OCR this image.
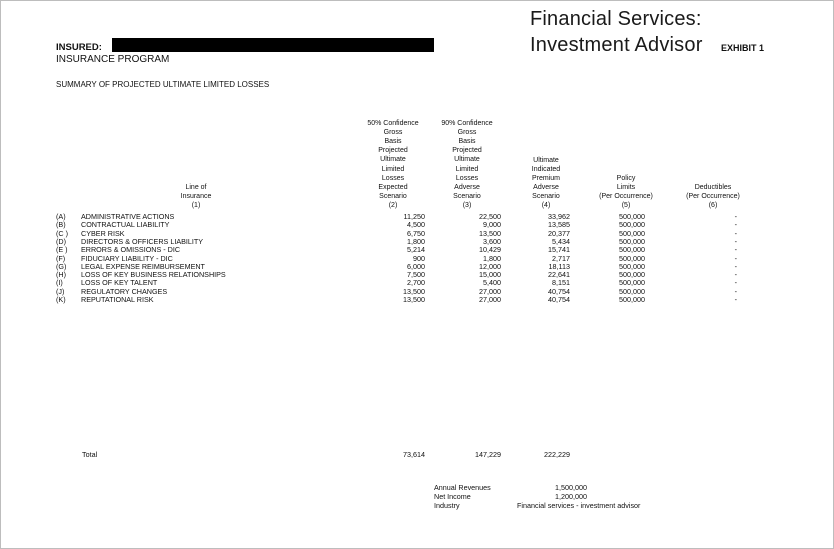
Financial Services:
Investment Advisor EXHIBIT 1
INSURED:
INSURANCE PROGRAM
SUMMARY OF PROJECTED ULTIMATE LIMITED LOSSES
Line of
Insurance
(1)
50% Confidence
Gross
Basis
Projected
Ultimate
Limited
Losses
Expected
Scenario
(2)
90% Confidence
Gross
Basis
Projected
Ultimate
Limited
Losses
Adverse
Scenario
(3)
Ultimate
Indicated
Premium
Adverse
Scenario
(4)
Policy
Limits
(Per Occurrence)
(5)
Deductibles
(Per Occurrence)
(6)
(A)	ADMINISTRATIVE ACTIONS	11,250	22,500	33,962	500,000	-
(B)	CONTRACTUAL LIABILITY	4,500	9,000	13,585	500,000	-
(C )	CYBER RISK	6,750	13,500	20,377	500,000	-
(D)	DIRECTORS & OFFICERS LIABILITY	1,800	3,600	5,434	500,000	-
(E )	ERRORS & OMISSIONS - DIC	5,214	10,429	15,741	500,000	-
(F)	FIDUCIARY LIABILITY - DIC	900	1,800	2,717	500,000	-
(G)	LEGAL EXPENSE REIMBURSEMENT	6,000	12,000	18,113	500,000	-
(H)	LOSS OF KEY BUSINESS RELATIONSHIPS	7,500	15,000	22,641	500,000	-
(I)	LOSS OF KEY TALENT	2,700	5,400	8,151	500,000	-
(J)	REGULATORY CHANGES	13,500	27,000	40,754	500,000	-
(K)	REPUTATIONAL RISK	13,500	27,000	40,754	500,000	-
Total	73,614	147,229	222,229
Annual Revenues	1,500,000
Net Income	1,200,000
Industry	Financial services - investment advisor
